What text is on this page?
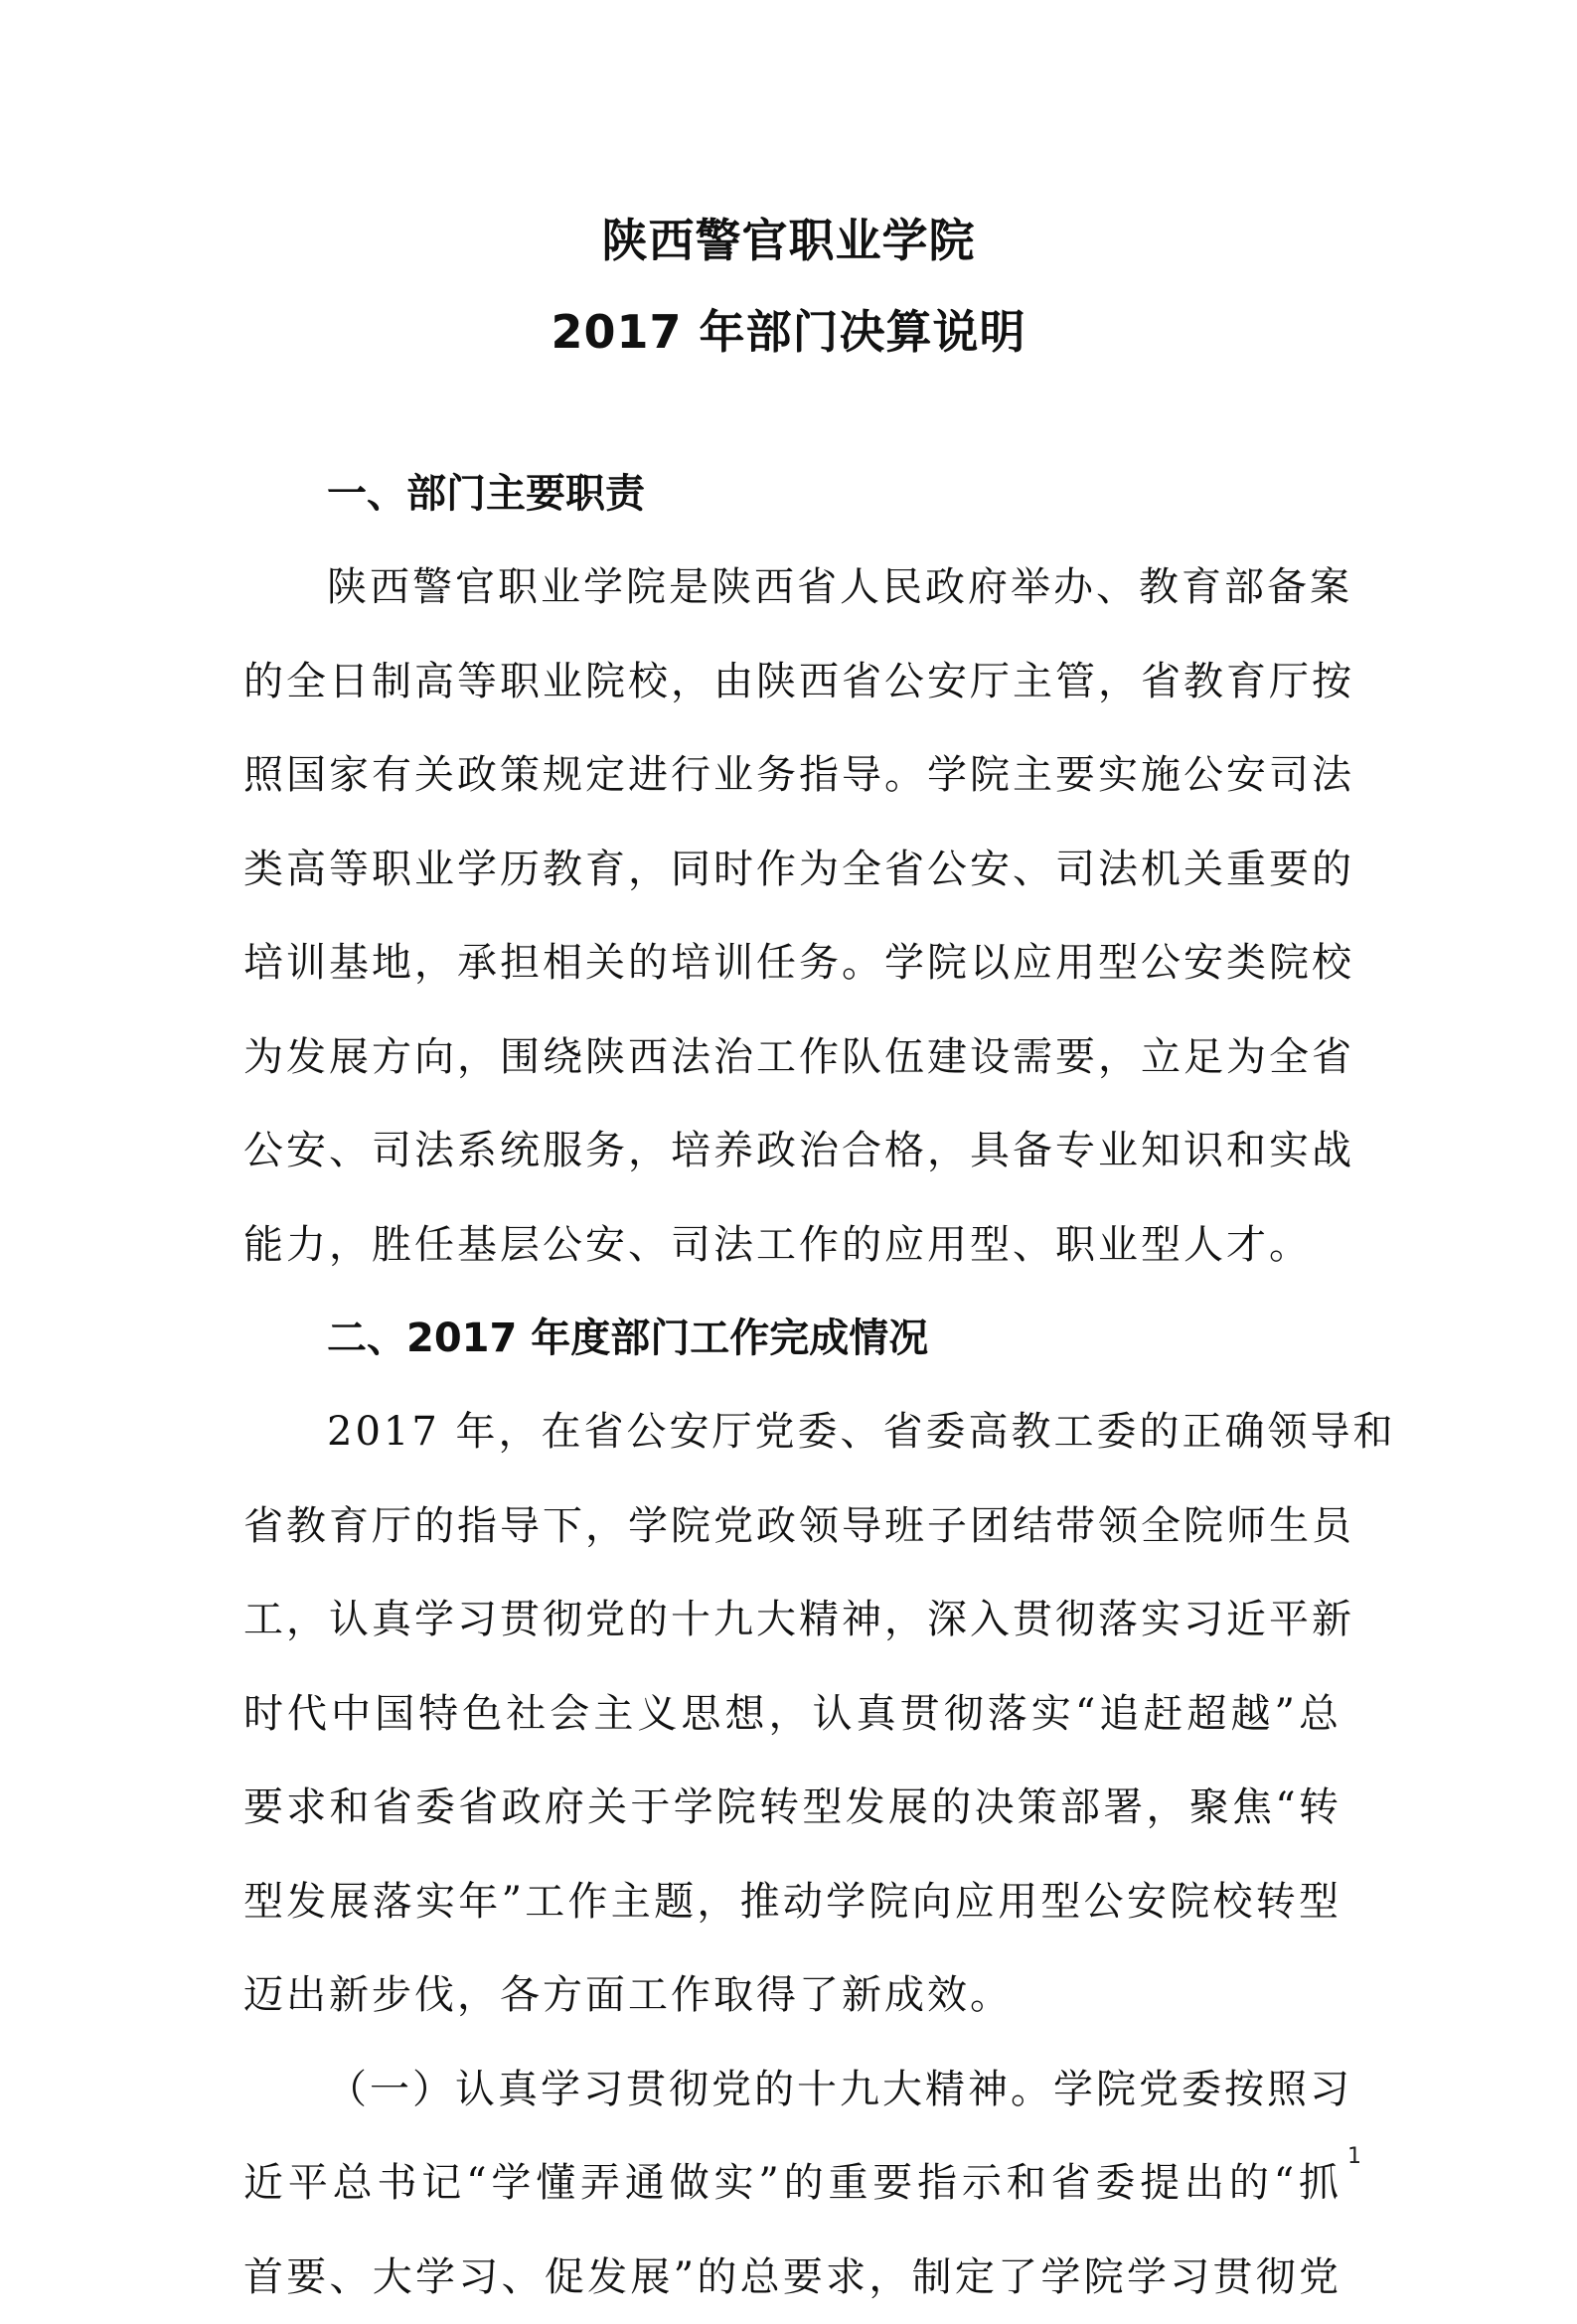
陕西警官职业学院
2017 年部门决算说明
一、部门主要职责
陕西警官职业学院是陕西省人民政府举办、教育部备案
的全日制高等职业院校，由陕西省公安厅主管，省教育厅按
照国家有关政策规定进行业务指导。学院主要实施公安司法
类高等职业学历教育，同时作为全省公安、司法机关重要的
培训基地，承担相关的培训任务。学院以应用型公安类院校
为发展方向，围绕陕西法治工作队伍建设需要，立足为全省
公安、司法系统服务，培养政治合格，具备专业知识和实战
能力，胜任基层公安、司法工作的应用型、职业型人才。
二、2017 年度部门工作完成情况
2017 年，在省公安厅党委、省委高教工委的正确领导和
省教育厅的指导下，学院党政领导班子团结带领全院师生员
工，认真学习贯彻党的十九大精神，深入贯彻落实习近平新
时代中国特色社会主义思想，认真贯彻落实“追赶超越”总
要求和省委省政府关于学院转型发展的决策部署，聚焦“转
型发展落实年”工作主题，推动学院向应用型公安院校转型
迈出新步伐，各方面工作取得了新成效。
（一）认真学习贯彻党的十九大精神。学院党委按照习
近平总书记“学懂弄通做实”的重要指示和省委提出的“抓
首要、大学习、促发展”的总要求，制定了学院学习贯彻党
1
